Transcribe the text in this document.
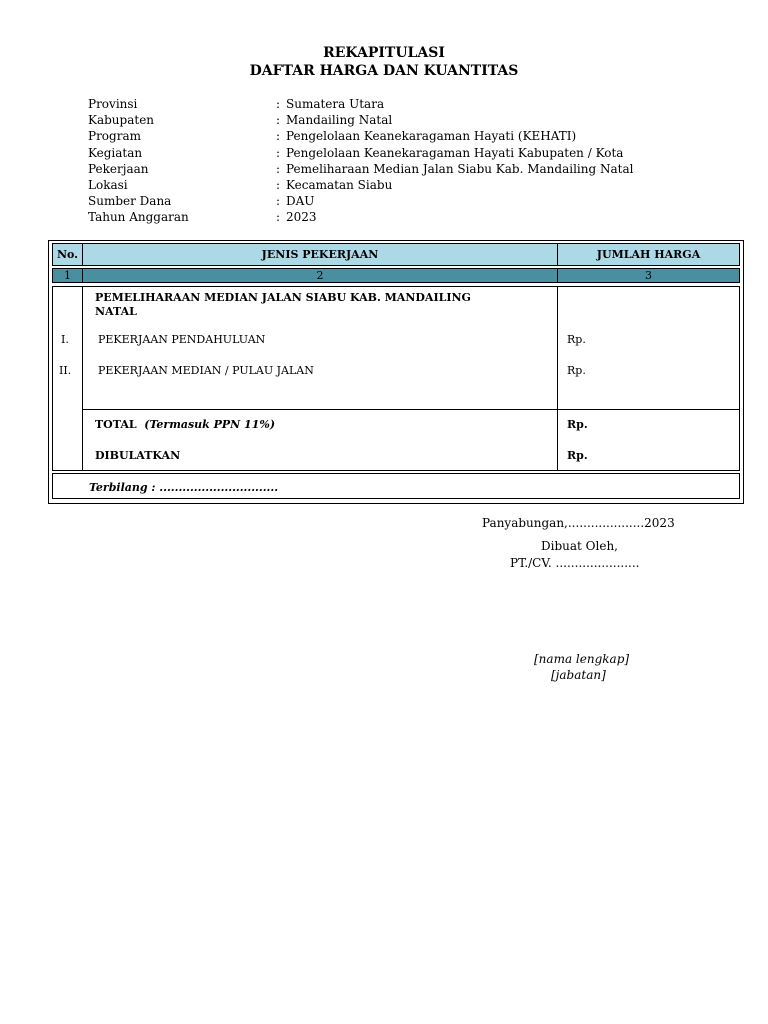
REKAPITULASI
DAFTAR HARGA DAN KUANTITAS
Provinsi	: Sumatera Utara
Kabupaten	: Mandailing Natal
Program	: Pengelolaan Keanekaragaman Hayati (KEHATI)
Kegiatan	: Pengelolaan Keanekaragaman Hayati Kabupaten / Kota
Pekerjaan	: Pemeliharaan Median Jalan Siabu Kab. Mandailing Natal
Lokasi	: Kecamatan Siabu
Sumber Dana	: DAU
Tahun Anggaran	: 2023
No.	JENIS PEKERJAAN	JUMLAH HARGA
1	2	3
PEMELIHARAAN MEDIAN JALAN SIABU KAB. MANDAILING
NATAL
I.	PEKERJAAN PENDAHULUAN	Rp.
II. PEKERJAAN MEDIAN / PULAU JALAN	Rp.
TOTAL (Termasuk PPN 11%)	Rp.
DIBULATKAN	Rp.
Terbilang : ...............................
Panyabungan,....................2023
Dibuat Oleh,
PT./CV. ......................
[nama lengkap]
[jabatan]
